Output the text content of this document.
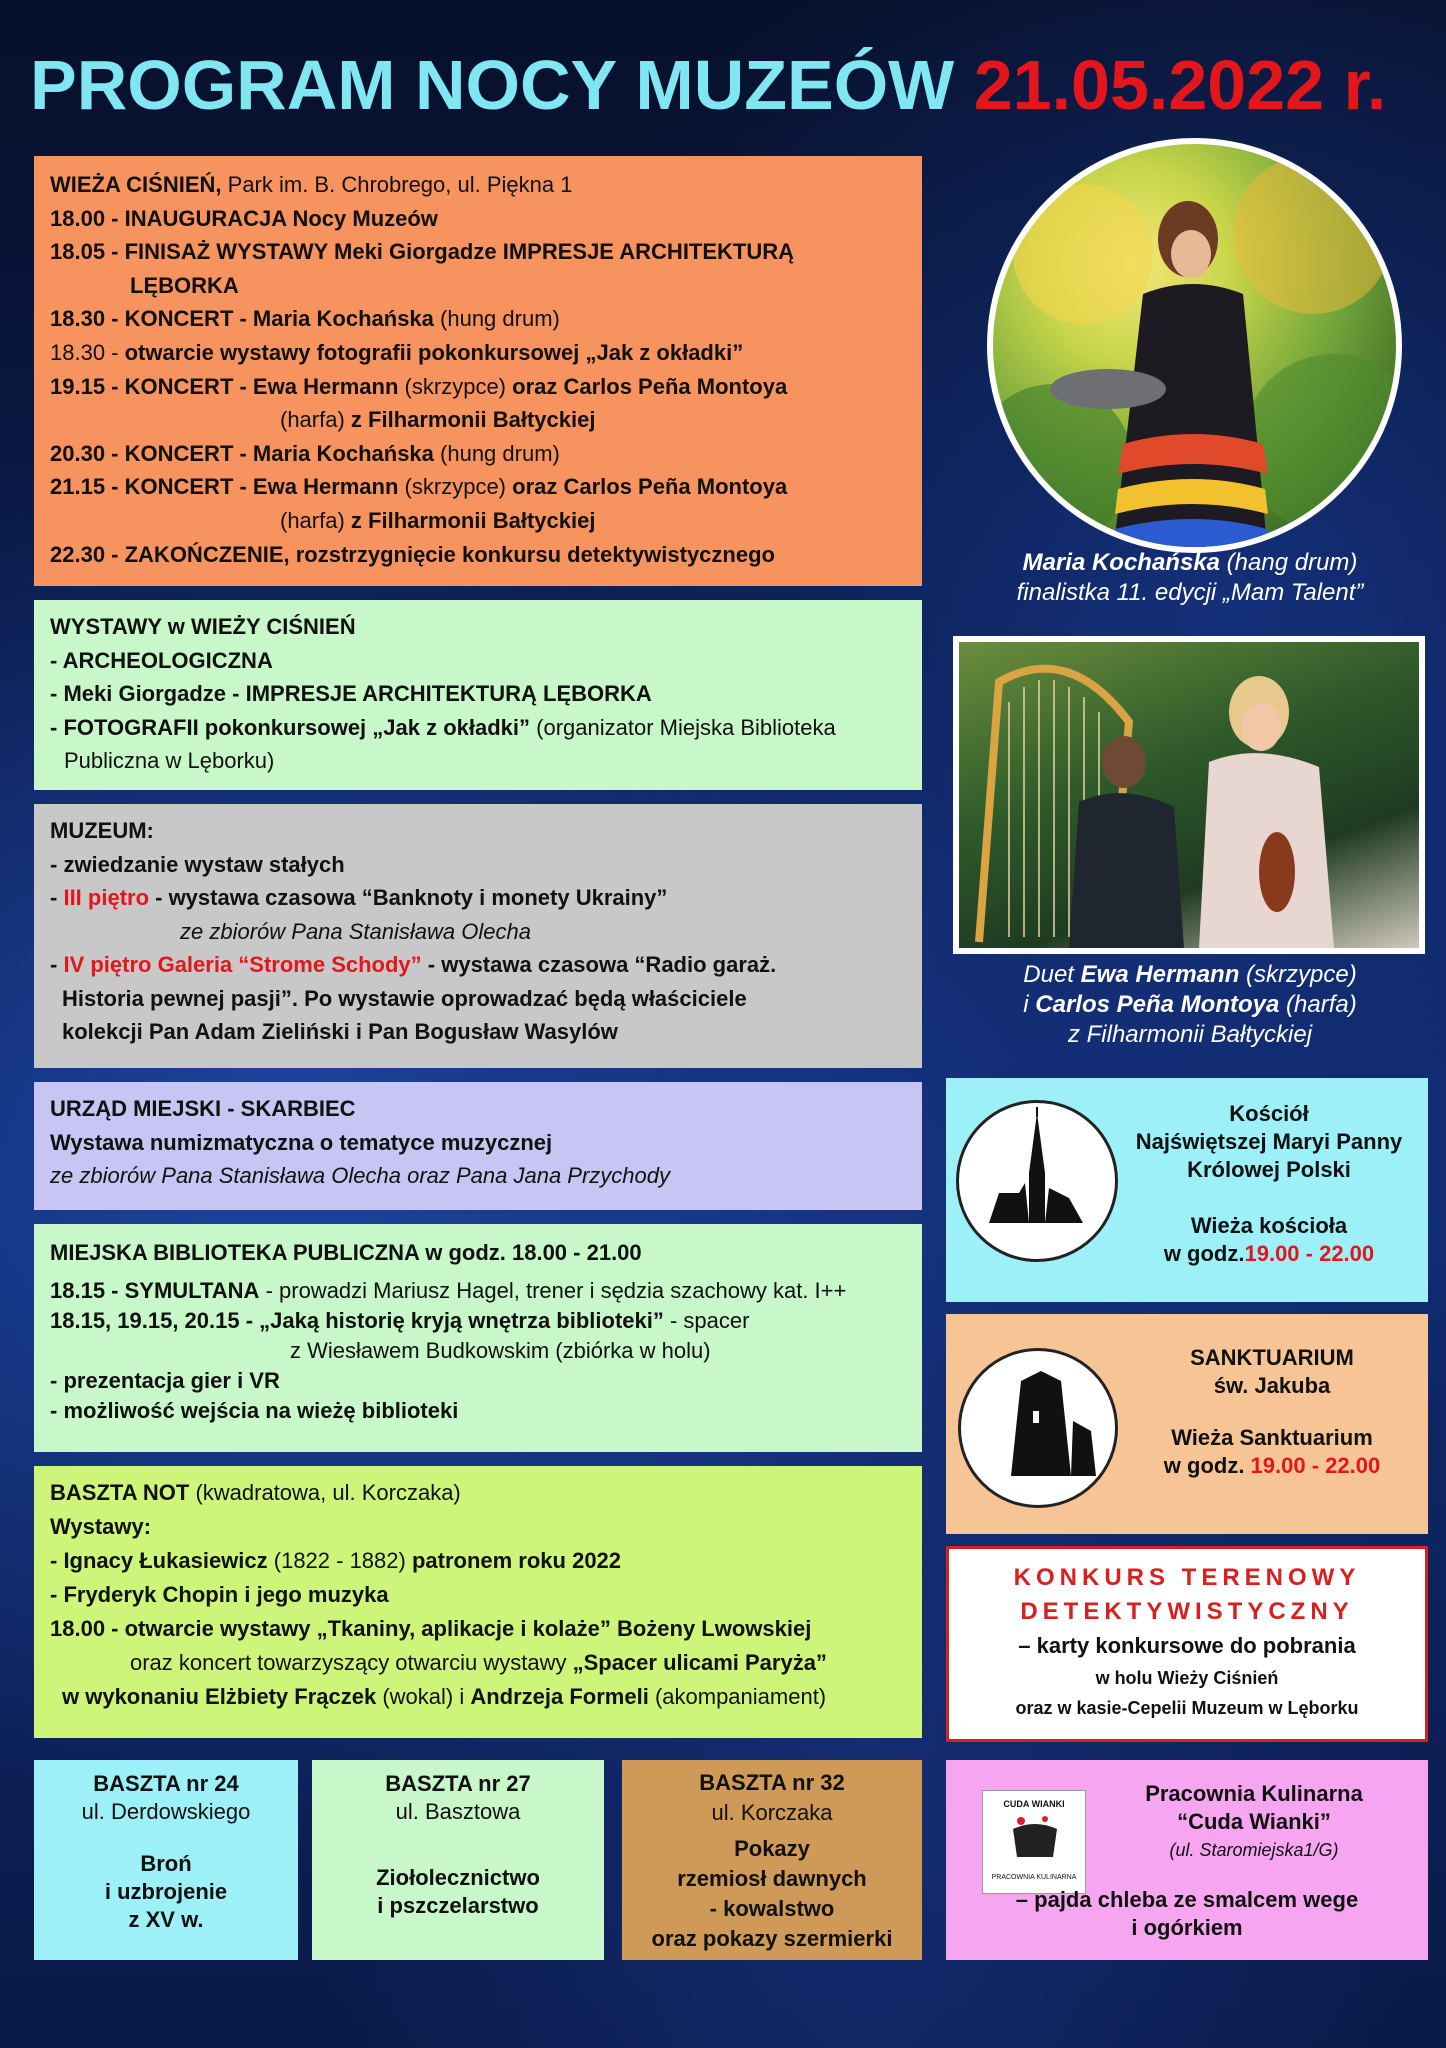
PROGRAM NOCY MUZEÓW 21.05.2022 r.
WIEŻA CIŚNIEŃ, Park im. B. Chrobrego, ul. Piękna 1
18.00 - INAUGURACJA Nocy Muzeów
18.05 - FINISAŻ WYSTAWY Meki Giorgadze IMPRESJE ARCHITEKTURĄ
LĘBORKA
18.30 - KONCERT - Maria Kochańska (hung drum)
18.30 - otwarcie wystawy fotografii pokonkursowej „Jak z okładki”
19.15 - KONCERT - Ewa Hermann (skrzypce) oraz Carlos Peña Montoya
(harfa) z Filharmonii Bałtyckiej
20.30 - KONCERT - Maria Kochańska (hung drum)
21.15 - KONCERT - Ewa Hermann (skrzypce) oraz Carlos Peña Montoya
(harfa) z Filharmonii Bałtyckiej
22.30 - ZAKOŃCZENIE, rozstrzygnięcie konkursu detektywistycznego
WYSTAWY w WIEŻY CIŚNIEŃ
- ARCHEOLOGICZNA
- Meki Giorgadze - IMPRESJE ARCHITEKTURĄ LĘBORKA
- FOTOGRAFII pokonkursowej „Jak z okładki” (organizator Miejska Biblioteka
Publiczna w Lęborku)
MUZEUM:
- zwiedzanie wystaw stałych
- III piętro - wystawa czasowa “Banknoty i monety Ukrainy”
ze zbiorów Pana Stanisława Olecha
- IV piętro Galeria “Strome Schody” - wystawa czasowa “Radio garaż.
Historia pewnej pasji”. Po wystawie oprowadzać będą właściciele
kolekcji Pan Adam Zieliński i Pan Bogusław Wasylów
URZĄD MIEJSKI - SKARBIEC
Wystawa numizmatyczna o tematyce muzycznej
ze zbiorów Pana Stanisława Olecha oraz Pana Jana Przychody
MIEJSKA BIBLIOTEKA PUBLICZNA w godz. 18.00 - 21.00
18.15 - SYMULTANA - prowadzi Mariusz Hagel, trener i sędzia szachowy kat. I++
18.15, 19.15, 20.15 - „Jaką historię kryją wnętrza biblioteki” - spacer
z Wiesławem Budkowskim (zbiórka w holu)
- prezentacja gier i VR
- możliwość wejścia na wieżę biblioteki
BASZTA NOT (kwadratowa, ul. Korczaka)
Wystawy:
- Ignacy Łukasiewicz (1822 - 1882) patronem roku 2022
- Fryderyk Chopin i jego muzyka
18.00 - otwarcie wystawy „Tkaniny, aplikacje i kolaże” Bożeny Lwowskiej
oraz koncert towarzyszący otwarciu wystawy „Spacer ulicami Paryża”
w wykonaniu Elżbiety Frączek (wokal) i Andrzeja Formeli (akompaniament)
BASZTA nr 24
ul. Derdowskiego
Broń
i uzbrojenie
z XV w.
BASZTA nr 27
ul. Basztowa
Ziołolecznictwo
i pszczelarstwo
BASZTA nr 32
ul. Korczaka
Pokazy
rzemiosł dawnych
- kowalstwo
oraz pokazy szermierki
Maria Kochańska (hang drum)
finalistka 11. edycji „Mam Talent”
Duet Ewa Hermann (skrzypce)
i Carlos Peña Montoya (harfa)
z Filharmonii Bałtyckiej
Kościół
Najświętszej Maryi Panny
Królowej Polski
Wieża kościoła
w godz.19.00 - 22.00
SANKTUARIUM
św. Jakuba
Wieża Sanktuarium
w godz. 19.00 - 22.00
KONKURS TERENOWY
DETEKTYWISTYCZNY
– karty konkursowe do pobrania
w holu Wieży Ciśnień
oraz w kasie-Cepelii Muzeum w Lęborku
CUDA WIANKI
PRACOWNIA KULINARNA
Pracownia Kulinarna
“Cuda Wianki”
(ul. Staromiejska1/G)
– pajda chleba ze smalcem wege
i ogórkiem
